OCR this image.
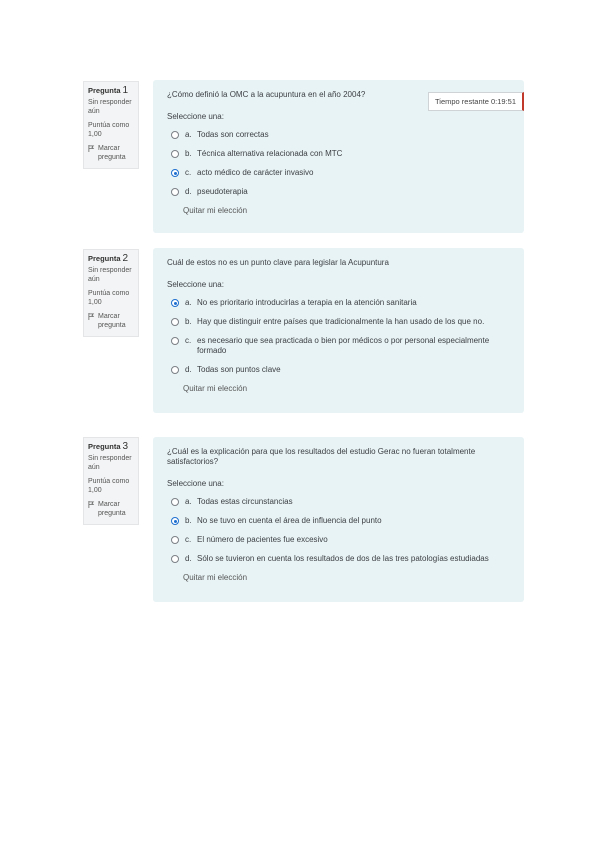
Pregunta 1
Sin responder aún
Puntúa como 1,00
Marcar pregunta
Tiempo restante 0:19:51
¿Cómo definió la OMC a la acupuntura en el año 2004?
Seleccione una:
a. Todas son correctas
b. Técnica alternativa relacionada con MTC
c. acto médico de carácter invasivo
d. pseudoterapia
Quitar mi elección
Pregunta 2
Sin responder aún
Puntúa como 1,00
Marcar pregunta
Cuál de estos no es un punto clave para legislar la Acupuntura
Seleccione una:
a. No es prioritario introducirlas a terapia en la atención sanitaria
b. Hay que distinguir entre países que tradicionalmente la han usado de los que no.
c. es necesario que sea practicada o bien por médicos o por personal especialmente formado
d. Todas son puntos clave
Quitar mi elección
Pregunta 3
Sin responder aún
Puntúa como 1,00
Marcar pregunta
¿Cuál es la explicación para que los resultados del estudio Gerac no fueran totalmente satisfactorios?
Seleccione una:
a. Todas estas circunstancias
b. No se tuvo en cuenta el área de influencia del punto
c. El número de pacientes fue excesivo
d. Sólo se tuvieron en cuenta los resultados de dos de las tres patologías estudiadas
Quitar mi elección
